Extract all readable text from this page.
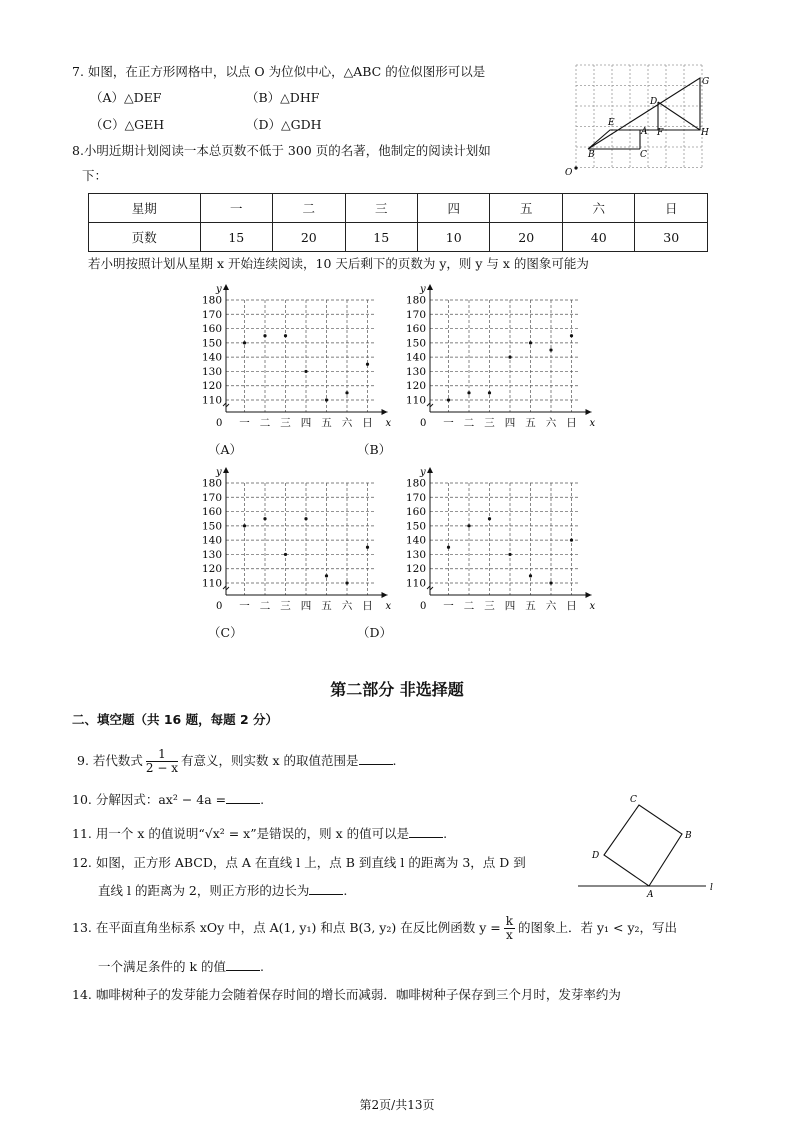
7. 如图，在正方形网格中，以点 O 为位似中心，△ABC 的位似图形可以是
（A）△DEF	（B）△DHF
（C）△GEH	（D）△GDH
G
D
E
A F	H
B	C
O
8.小明近期计划阅读一本总页数不低于 300 页的名著，他制定的阅读计划如
下：
星期	一	二	三	四	五	六	日
页数	15	20	15	10	20	40	30
若小明按照计划从星期 x 开始连续阅读，10 天后剩下的页数为 y，则 y 与 x 的图象可能为
110
120
130
140
150
160
170
180
y
x
0 一 二 三 四 五 六 日
110
120
130
140
150
160
170
180
y
x
0 一 二 三 四 五 六 日
110
120
130
140
150
160
170
180
y
x
0 一 二 三 四 五 六 日
110
120
130
140
150
160
170
180
y
x
0 一 二 三 四 五 六 日
（A）	（B）
（C）	（D）
第二部分 非选择题
二、填空题（共 16 题，每题 2 分）
9. 若代数式 $\frac{1}{2 - x}$ 有意义，则实数 x 的取值范围是	.
10. 分解因式：ax² − 4a =	.
11. 用一个 x 的值说明“√x² = x”是错误的，则 x 的值可以是	.
12. 如图，正方形 ABCD，点 A 在直线 l 上，点 B 到直线 l 的距离为 3，点 D 到
直线 l 的距离为 2，则正方形的边长为	.
C
B
D
A
l
13. 在平面直角坐标系 xOy 中，点 A(1, y₁) 和点 B(3, y₂) 在反比例函数 $y = \frac{k}{x}$ 的图象上．若 y₁ < y₂，写出
一个满足条件的 k 的值	.
14. 咖啡树种子的发芽能力会随着保存时间的增长而减弱．咖啡树种子保存到三个月时，发芽率约为
第2页/共13页
